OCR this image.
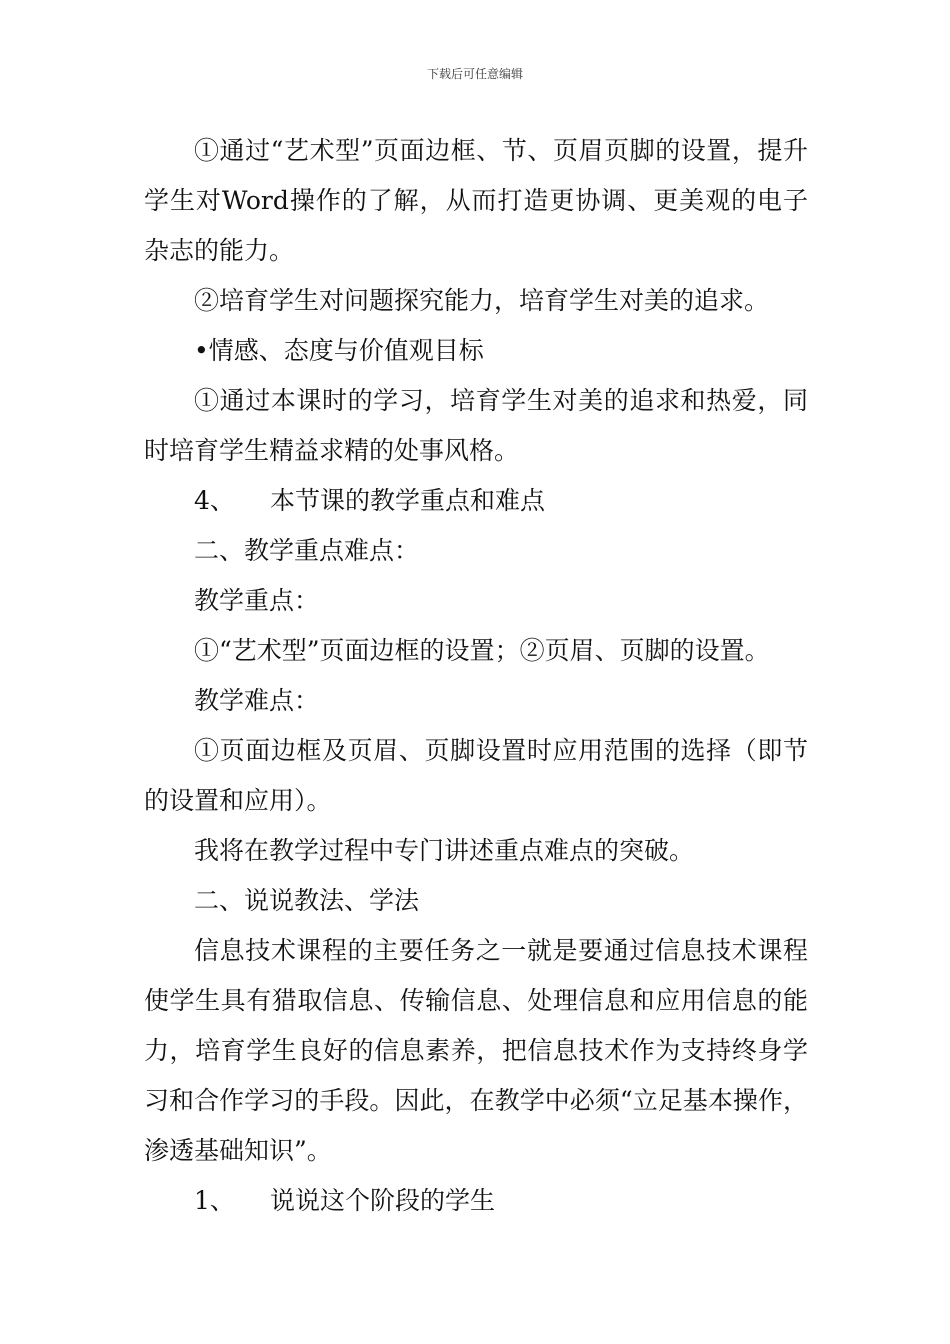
下载后可任意编辑

①通过“艺术型”页面边框、节、页眉页脚的设置，提升学生对Word操作的了解，从而打造更协调、更美观的电子杂志的能力。

②培育学生对问题探究能力，培育学生对美的追求。

•情感、态度与价值观目标

①通过本课时的学习，培育学生对美的追求和热爱，同时培育学生精益求精的处事风格。

4、 本节课的教学重点和难点

二、教学重点难点：

教学重点：

①“艺术型”页面边框的设置；②页眉、页脚的设置。

教学难点：

①页面边框及页眉、页脚设置时应用范围的选择（即节的设置和应用）。

我将在教学过程中专门讲述重点难点的突破。

二、说说教法、学法

信息技术课程的主要任务之一就是要通过信息技术课程使学生具有猎取信息、传输信息、处理信息和应用信息的能力，培育学生良好的信息素养，把信息技术作为支持终身学习和合作学习的手段。因此，在教学中必须“立足基本操作，渗透基础知识”。

1、 说说这个阶段的学生
